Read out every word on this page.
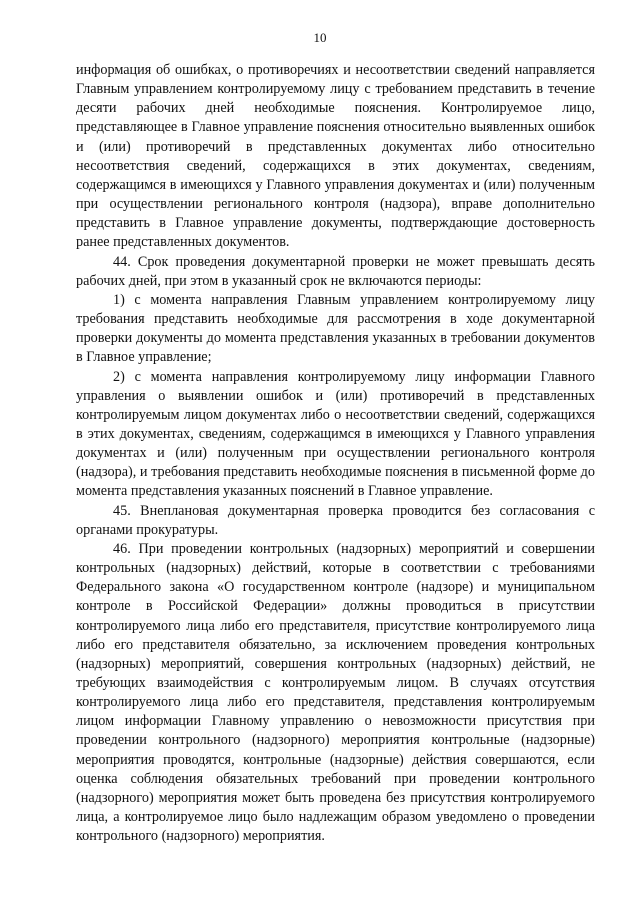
10

информация об ошибках, о противоречиях и несоответствии сведений направляется Главным управлением контролируемому лицу с требованием представить в течение десяти рабочих дней необходимые пояснения. Контролируемое лицо, представляющее в Главное управление пояснения относительно выявленных ошибок и (или) противоречий в представленных документах либо относительно несоответствия сведений, содержащихся в этих документах, сведениям, содержащимся в имеющихся у Главного управления документах и (или) полученным при осуществлении регионального контроля (надзора), вправе дополнительно представить в Главное управление документы, подтверждающие достоверность ранее представленных документов.

44. Срок проведения документарной проверки не может превышать десять рабочих дней, при этом в указанный срок не включаются периоды:

1) с момента направления Главным управлением контролируемому лицу требования представить необходимые для рассмотрения в ходе документарной проверки документы до момента представления указанных в требовании документов в Главное управление;

2) с момента направления контролируемому лицу информации Главного управления о выявлении ошибок и (или) противоречий в представленных контролируемым лицом документах либо о несоответствии сведений, содержащихся в этих документах, сведениям, содержащимся в имеющихся у Главного управления документах и (или) полученным при осуществлении регионального контроля (надзора), и требования представить необходимые пояснения в письменной форме до момента представления указанных пояснений в Главное управление.

45. Внеплановая документарная проверка проводится без согласования с органами прокуратуры.

46. При проведении контрольных (надзорных) мероприятий и совершении контрольных (надзорных) действий, которые в соответствии с требованиями Федерального закона «О государственном контроле (надзоре) и муниципальном контроле в Российской Федерации» должны проводиться в присутствии контролируемого лица либо его представителя, присутствие контролируемого лица либо его представителя обязательно, за исключением проведения контрольных (надзорных) мероприятий, совершения контрольных (надзорных) действий, не требующих взаимодействия с контролируемым лицом. В случаях отсутствия контролируемого лица либо его представителя, представления контролируемым лицом информации Главному управлению о невозможности присутствия при проведении контрольного (надзорного) мероприятия контрольные (надзорные) мероприятия проводятся, контрольные (надзорные) действия совершаются, если оценка соблюдения обязательных требований при проведении контрольного (надзорного) мероприятия может быть проведена без присутствия контролируемого лица, а контролируемое лицо было надлежащим образом уведомлено о проведении контрольного (надзорного) мероприятия.
